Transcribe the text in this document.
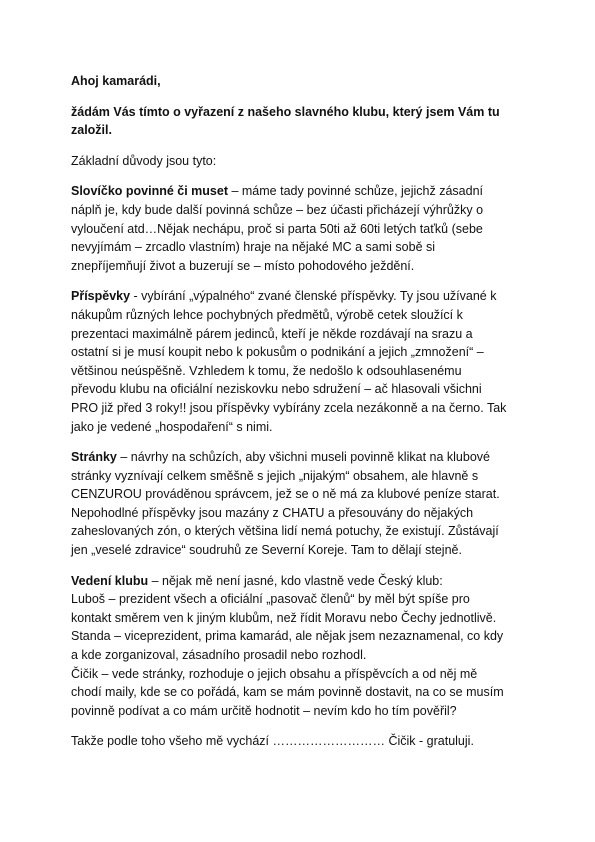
Ahoj kamarádi,

žádám Vás tímto o vyřazení z našeho slavného klubu, který jsem Vám tu založil.

Základní důvody jsou tyto:

Slovíčko povinné či muset – máme tady povinné schůze, jejichž zásadní náplň je, kdy bude další povinná schůze – bez účasti přicházejí výhrůžky o vyloučení atd…Nějak nechápu, proč si parta 50ti až 60ti letých taťků (sebe nevyjímám – zrcadlo vlastním) hraje na nějaké MC a sami sobě si znepříjemňují život a buzerují se – místo pohodového ježdění.

Příspěvky - vybírání „výpalného“ zvané členské příspěvky. Ty jsou užívané k nákupům různých lehce pochybných předmětů, výrobě cetek sloužící k prezentaci maximálně párem jedinců, kteří je někde rozdávají na srazu a ostatní si je musí koupit nebo k pokusům o podnikání a jejich „zmnožení“ – většinou neúspěšně. Vzhledem k tomu, že nedošlo k odsouhlasenému převodu klubu na oficiální neziskovku nebo sdružení – ač hlasovali všichni PRO již před 3 roky!! jsou příspěvky vybírány zcela nezákonně a na černo. Tak jako je vedené „hospodaření“ s nimi.

Stránky – návrhy na schůzích, aby všichni museli povinně klikat na klubové stránky vyznívají celkem směšně s jejich „nijakým“ obsahem, ale hlavně s CENZUROU prováděnou správcem, jež se o ně má za klubové peníze starat. Nepohodlné příspěvky jsou mazány z CHATU a přesouvány do nějakých zaheslovaných zón, o kterých většina lidí nemá potuchy, že existují. Zůstávají jen „veselé zdravice“ soudruhů ze Severní Koreje. Tam to dělají stejně.

Vedení klubu – nějak mě není jasné, kdo vlastně vede Český klub:

Luboš – prezident všech a oficiální „pasovač členů“ by měl být spíše pro kontakt směrem ven k jiným klubům, než řídit Moravu nebo Čechy jednotlivě.

Standa – viceprezident, prima kamarád, ale nějak jsem nezaznamenal, co kdy a kde zorganizoval, zásadního prosadil nebo rozhodl.

Čičik – vede stránky, rozhoduje o jejich obsahu a příspěvcích a od něj mě chodí maily, kde se co pořádá, kam se mám povinně dostavit, na co se musím povinně podívat a co mám určitě hodnotit – nevím kdo ho tím pověřil?

Takže podle toho všeho mě vychází ……………………… Čičik - gratuluji.
